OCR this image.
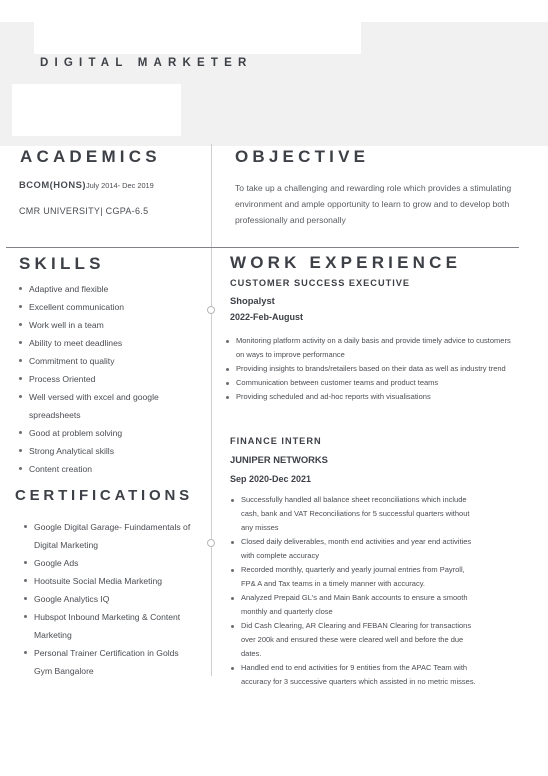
DIGITAL MARKETER
ACADEMICS

BCOM(HONS)July 2014- Dec 2019

CMR UNIVERSITY| CGPA-6.5

OBJECTIVE

To take up a challenging and rewarding role which provides a stimulating environment and ample opportunity to learn to grow and to develop both professionally and personally

SKILLS
Adaptive and flexible
Excellent communication
Work well in a team
Ability to meet deadlines
Commitment to quality
Process Oriented
Well versed with excel and google spreadsheets
Good at problem solving
Strong Analytical skills
Content creation
CERTIFICATIONS
Google Digital Garage- Fuindamentals of Digital Marketing
Google Ads
Hootsuite Social Media Marketing
Google Analytics IQ
Hubspot Inbound Marketing & Content Marketing
Personal Trainer Certification in Golds Gym Bangalore
WORK EXPERIENCE

CUSTOMER SUCCESS EXECUTIVE

Shopalyst

2022-Feb-August

Monitoring platform activity on a daily basis and provide timely advice to customers on ways to improve performance
Providing insights to brands/retailers based on their data as well as industry trend
Communication between customer teams and product teams
Providing scheduled and ad-hoc reports with visualisations

FINANCE INTERN

JUNIPER NETWORKS

Sep 2020-Dec 2021

Successfully handled all balance sheet reconciliations which include cash, bank and VAT Reconciliations for 5 successful quarters without any misses
Closed daily deliverables, month end activities and year end activities with complete accuracy
Recorded monthly, quarterly and yearly journal entries from Payroll, FP& A and Tax teams in a timely manner with accuracy.
Analyzed Prepaid GL's and Main Bank accounts to ensure a smooth monthly and quarterly close
Did Cash Clearing, AR Clearing and FEBAN Clearing for transactions over 200k and ensured these were cleared well and before the due dates.
Handled end to end activities for 9 entities from the APAC Team with accuracy for 3 successive quarters which assisted in no metric misses.
